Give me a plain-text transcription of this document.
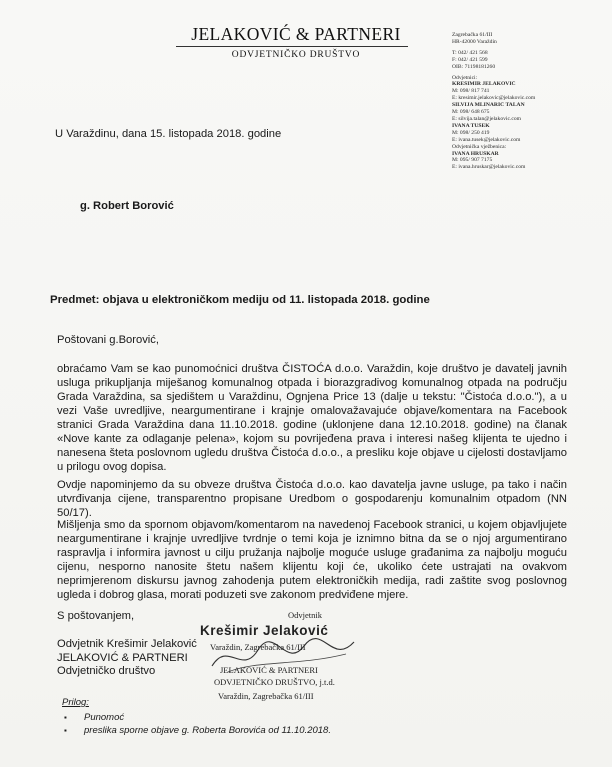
JELAKOVIĆ & PARTNERI
ODVJETNIČKO DRUŠTVO
Zagrebačka 61/III
HR-42000 Varaždin
T: 042/ 421 568
F: 042/ 421 599
OIB: 71198181260
Odvjetnici:
KREŠIMIR JELAKOVIĆ
M: 098/ 817 741
E: kresimir.jelakovic@jelakovic.com
SILVIJA MLINARIĆ TALAN
M: 098/ 648 675
E: silvija.talan@jelakovic.com
IVANA TUŠEK
M: 098/ 250 419
E: ivana.tusek@jelakovic.com
Odvjetnička vježbenica:
IVANA HRUŠKAR
M: 095/ 907 7175
E: ivana.hruskar@jelakovic.com
U Varaždinu, dana 15. listopada 2018. godine
g. Robert Borović
Predmet: objava u elektroničkom mediju od 11. listopada 2018. godine
Poštovani g.Borović,
obraćamo Vam se kao punomoćnici društva ČISTOĆA d.o.o. Varaždin, koje društvo je davatelj javnih usluga prikupljanja miješanog komunalnog otpada i biorazgradivog komunalnog otpada na području Grada Varaždina, sa sjedištem u Varaždinu, Ognjena Price 13 (dalje u tekstu: "Čistoća d.o.o."), a u vezi Vaše uvredljive, neargumentirane i krajnje omalovažavajuće objave/komentara na Facebook stranici Grada Varaždina dana 11.10.2018. godine (uklonjene dana 12.10.2018. godine) na članak «Nove kante za odlaganje pelena», kojom su povrijeđena prava i interesi našeg klijenta te ujedno i nanesena šteta poslovnom ugledu društva Čistoća d.o.o., a presliku koje objave u cijelosti dostavljamo u prilogu ovog dopisa.
Ovdje napominjemo da su obveze društva Čistoća d.o.o. kao davatelja javne usluge, pa tako i način utvrđivanja cijene, transparentno propisane Uredbom o gospodarenju komunalnim otpadom (NN 50/17).
Mišljenja smo da spornom objavom/komentarom na navedenoj Facebook stranici, u kojem objavljujete neargumentirane i krajnje uvredljive tvrdnje o temi koja je iznimno bitna da se o njoj argumentirano raspravlja i informira javnost u cilju pružanja najbolje moguće usluge građanima za najbolju moguću cijenu, nesporno nanosite štetu našem klijentu koji će, ukoliko ćete ustrajati na ovakvom neprimjerenom diskursu javnog zahodenja putem elektroničkih medija, radi zaštite svog poslovnog ugleda i dobrog glasa, morati poduzeti sve zakonom predviđene mjere.
S poštovanjem,
Odvjetnik Krešimir Jelaković
JELAKOVIĆ & PARTNERI
Odvjetničko društvo
Odvjetnik
Krešimir Jelaković
Varaždin, Zagrebačka 61/III
JELAKOVIĆ & PARTNERI
ODVJETNIČKO DRUŠTVO, j.t.d.
Varaždin, Zagrebačka 61/III
Prilog:
▪ Punomoć
▪ preslika sporne objave g. Roberta Borovića od 11.10.2018.
